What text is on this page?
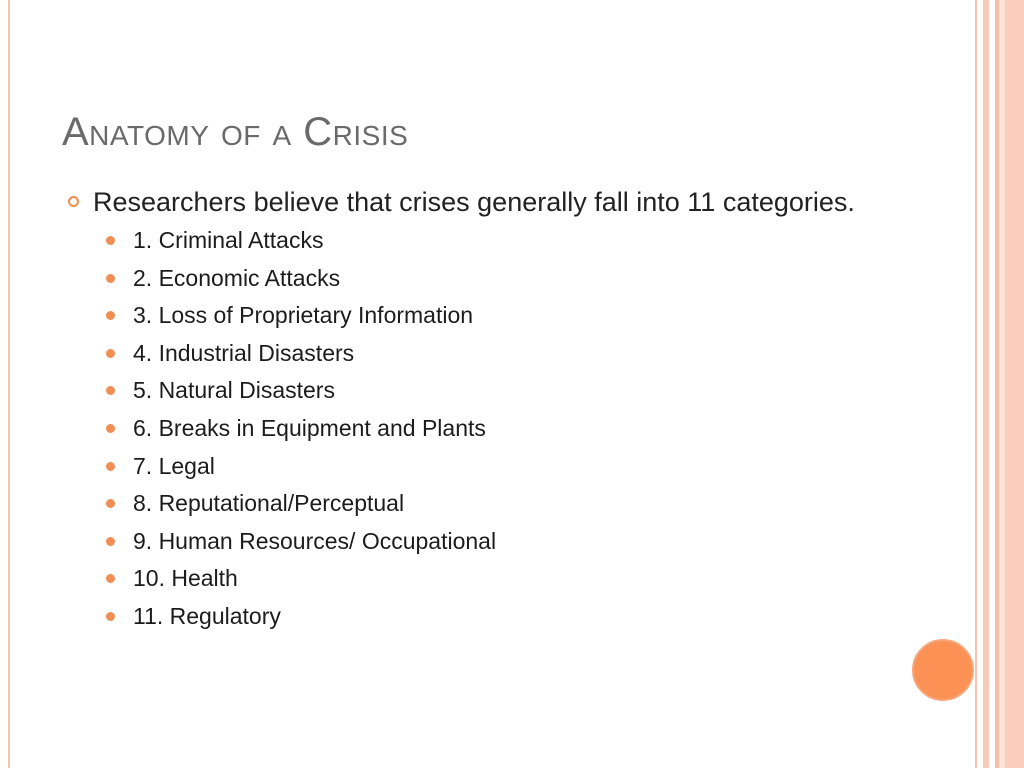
Anatomy of a Crisis
Researchers believe that crises generally fall into 11 categories.
1. Criminal Attacks
2. Economic Attacks
3. Loss of Proprietary Information
4. Industrial Disasters
5. Natural Disasters
6. Breaks in Equipment and Plants
7. Legal
8. Reputational/Perceptual
9. Human Resources/ Occupational
10. Health
11. Regulatory
